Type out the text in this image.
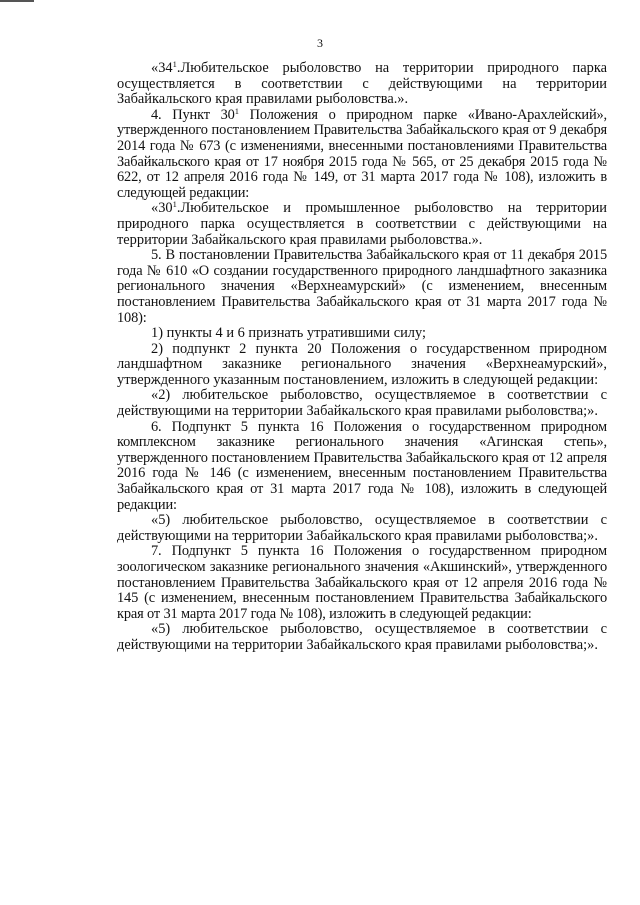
3

«$34^1.Любительское$ рыболовство на территории природного парка осуществляется в соответствии с действующими на территории Забайкальского края правилами рыболовства.».

4. Пункт $30^1$ Положения о природном парке «Ивано-Арахлейский», утвержденного постановлением Правительства Забайкальского края от 9 декабря 2014 года № 673 (с изменениями, внесенными постановлениями Правительства Забайкальского края от 17 ноября 2015 года № 565, от 25 декабря 2015 года № 622, от 12 апреля 2016 года № 149, от 31 марта 2017 года № 108), изложить в следующей редакции:

«$30^1.Любительское$ и промышленное рыболовство на территории природного парка осуществляется в соответствии с действующими на территории Забайкальского края правилами рыболовства.».

5. В постановлении Правительства Забайкальского края от 11 декабря 2015 года № 610 «О создании государственного природного ландшафтного заказника регионального значения «Верхнеамурский» (с изменением, внесенным постановлением Правительства Забайкальского края от 31 марта 2017 года № 108):

1) пункты 4 и 6 признать утратившими силу;

2) подпункт 2 пункта 20 Положения о государственном природном ландшафтном заказнике регионального значения «Верхнеамурский», утвержденного указанным постановлением, изложить в следующей редакции:

«2) любительское рыболовство, осуществляемое в соответствии с действующими на территории Забайкальского края правилами рыболовства;».

6. Подпункт 5 пункта 16 Положения о государственном природном комплексном заказнике регионального значения «Агинская степь», утвержденного постановлением Правительства Забайкальского края от 12 апреля 2016 года № 146 (с изменением, внесенным постановлением Правительства Забайкальского края от 31 марта 2017 года № 108), изложить в следующей редакции:

«5) любительское рыболовство, осуществляемое в соответствии с действующими на территории Забайкальского края правилами рыболовства;».

7. Подпункт 5 пункта 16 Положения о государственном природном зоологическом заказнике регионального значения «Акшинский», утвержденного постановлением Правительства Забайкальского края от 12 апреля 2016 года № 145 (с изменением, внесенным постановлением Правительства Забайкальского края от 31 марта 2017 года № 108), изложить в следующей редакции:

«5) любительское рыболовство, осуществляемое в соответствии с действующими на территории Забайкальского края правилами рыболовства;».
